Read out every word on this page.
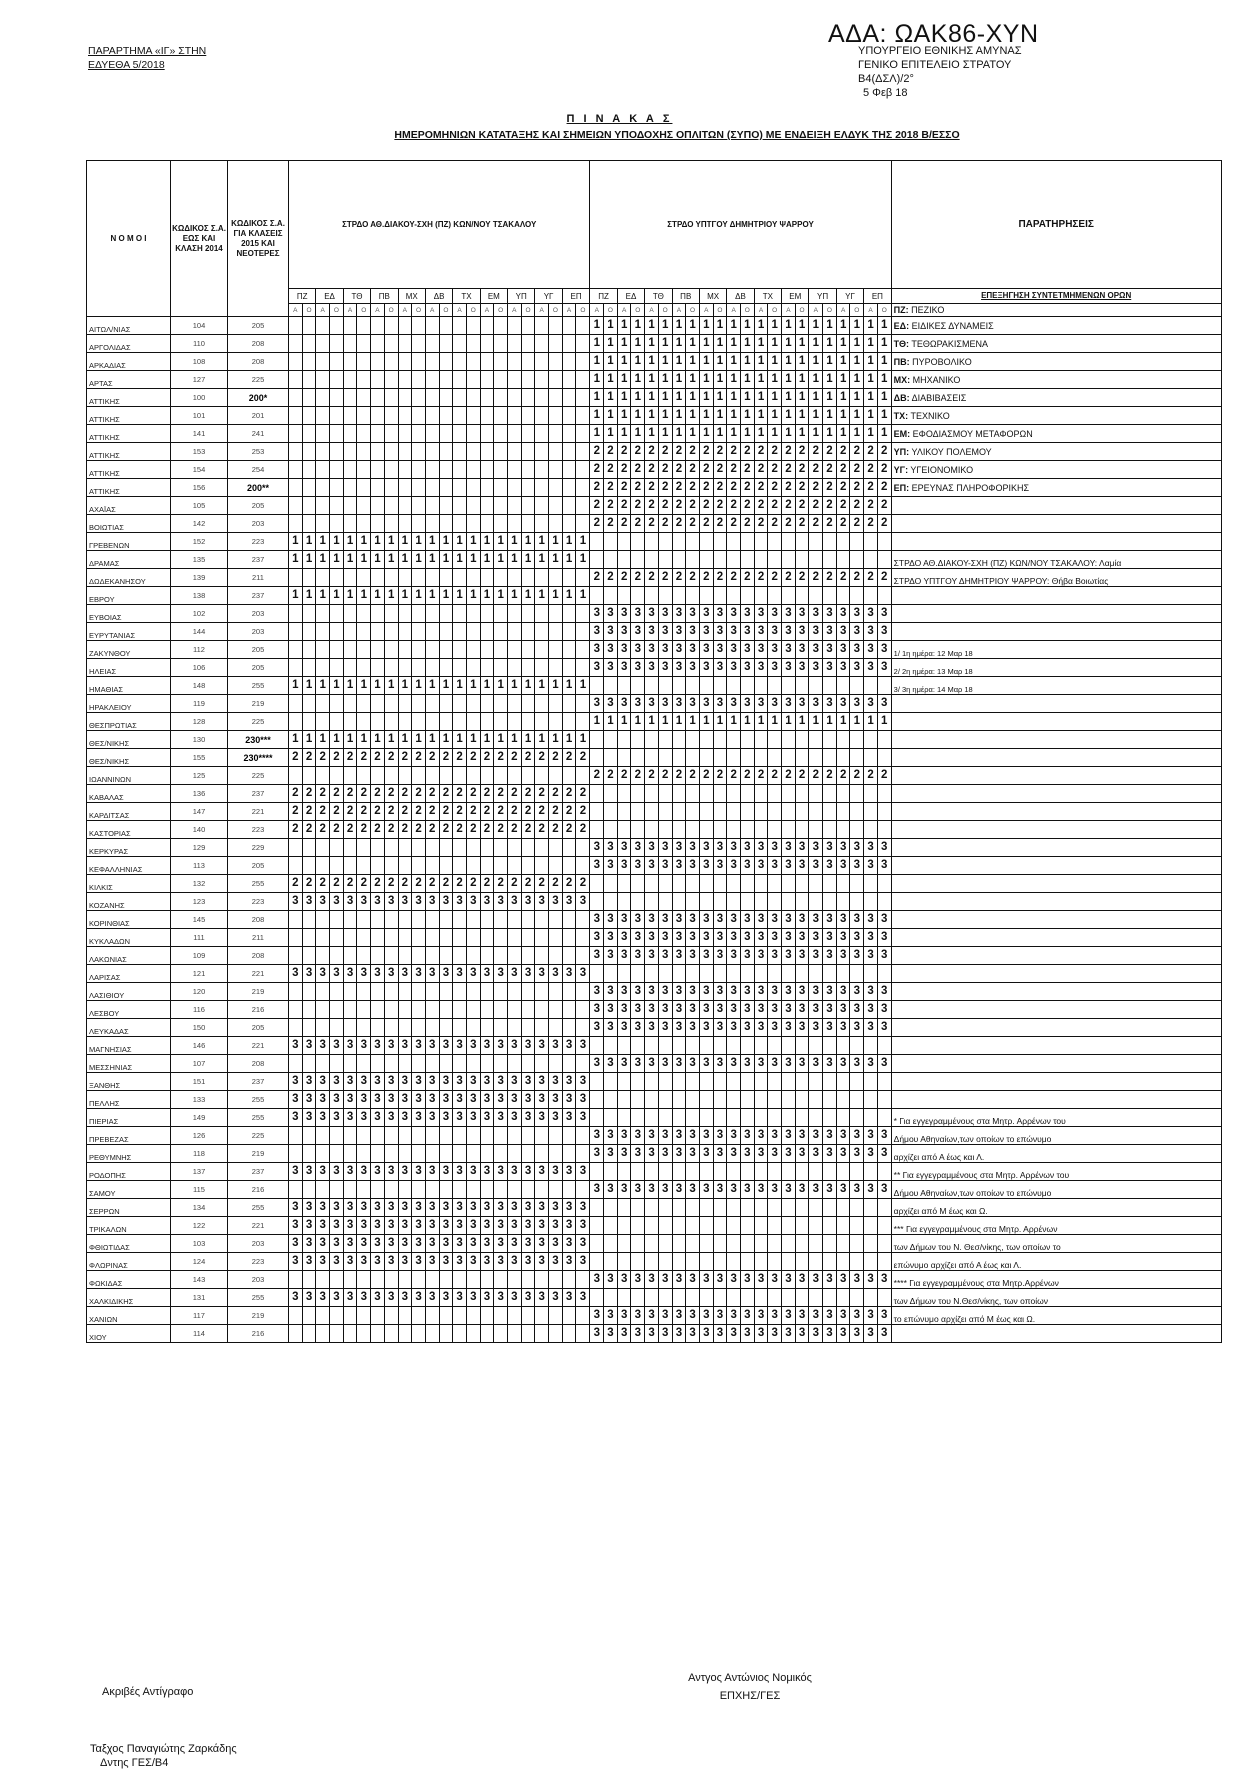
ΠΑΡΑΡΤΗΜΑ «ΙΓ» ΣΤΗΝ
ΕΔΥΕΘΑ 5/2018
ΑΔΑ: ΩΑΚ86-ΧΥΝ
ΥΠΟΥΡΓΕΙΟ ΕΘΝΙΚΗΣ ΑΜΥΝΑΣ
ΓΕΝΙΚΟ ΕΠΙΤΕΛΕΙΟ ΣΤΡΑΤΟΥ
Β4(ΔΣΛ)/2°
5 Φεβ 18
Π Ι Ν Α Κ Α Σ
ΗΜΕΡΟΜΗΝΙΩΝ ΚΑΤΑΤΑΞΗΣ ΚΑΙ ΣΗΜΕΙΩΝ ΥΠΟΔΟΧΗΣ ΟΠΛΙΤΩΝ (ΣΥΠΟ) ΜΕ ΕΝΔΕΙΞΗ ΕΛΔΥΚ ΤΗΣ 2018 Β/ΕΣΣΟ
Ν Ο Μ Ο Ι	ΚΩΔΙΚΟΣ Σ.Α. ΕΩΣ ΚΑΙ ΚΛΑΣΗ 2014	ΚΩΔΙΚΟΣ Σ.Α. ΓΙΑ ΚΛΑΣΕΙΣ 2015 ΚΑΙ ΝΕΟΤΕΡΕΣ	ΣΤΡΔΟ ΑΘ.ΔΙΑΚΟΥ-ΣΧΗ (ΠΖ) ΚΩΝ/ΝΟΥ ΤΣΑΚΑΛΟΥ																						ΣΤΡΔΟ ΥΠΤΓΟΥ ΔΗΜΗΤΡΙΟΥ ΨΑΡΡΟΥ																						ΠΑΡΑΤΗΡΗΣΕΙΣ
			ΠΖ		ΕΔ		ΤΘ		ΠΒ		ΜΧ		ΔΒ		ΤΧ		ΕΜ		ΥΠ		ΥΓ		ΕΠ		ΠΖ		ΕΔ		ΤΘ		ΠΒ		ΜΧ		ΔΒ		ΤΧ		ΕΜ		ΥΠ		ΥΓ		ΕΠ		ΕΠΕΞΗΓΗΣΗ ΣΥΝΤΕΤΜΗΜΕΝΩΝ ΟΡΩΝ
			Α	Ο	Α	Ο	Α	Ο	Α	Ο	Α	Ο	Α	Ο	Α	Ο	Α	Ο	Α	Ο	Α	Ο	Α	Ο	Α	Ο	Α	Ο	Α	Ο	Α	Ο	Α	Ο	Α	Ο	Α	Ο	Α	Ο	Α	Ο	Α	Ο	Α	Ο	ΠΖ: ΠΕΖΙΚΟ
ΑΙΤΩΛ/ΝΙΑΣ	104	205																							1	1	1	1	1	1	1	1	1	1	1	1	1	1	1	1	1	1	1	1	1	1	ΕΔ: ΕΙΔΙΚΕΣ ΔΥΝΑΜΕΙΣ
ΑΡΓΟΛΙΔΑΣ	110	208																							1	1	1	1	1	1	1	1	1	1	1	1	1	1	1	1	1	1	1	1	1	1	ΤΘ: ΤΕΘΩΡΑΚΙΣΜΕΝΑ
ΑΡΚΑΔΙΑΣ	108	208																							1	1	1	1	1	1	1	1	1	1	1	1	1	1	1	1	1	1	1	1	1	1	ΠΒ: ΠΥΡΟΒΟΛΙΚΟ
ΑΡΤΑΣ	127	225																							1	1	1	1	1	1	1	1	1	1	1	1	1	1	1	1	1	1	1	1	1	1	ΜΧ: ΜΗΧΑΝΙΚΟ
ΑΤΤΙΚΗΣ	100	200*																							1	1	1	1	1	1	1	1	1	1	1	1	1	1	1	1	1	1	1	1	1	1	ΔΒ: ΔΙΑΒΙΒΑΣΕΙΣ
ΑΤΤΙΚΗΣ	101	201																							1	1	1	1	1	1	1	1	1	1	1	1	1	1	1	1	1	1	1	1	1	1	ΤΧ: ΤΕΧΝΙΚΟ
ΑΤΤΙΚΗΣ	141	241																							1	1	1	1	1	1	1	1	1	1	1	1	1	1	1	1	1	1	1	1	1	1	ΕΜ: ΕΦΟΔΙΑΣΜΟΥ ΜΕΤΑΦΟΡΩΝ
ΑΤΤΙΚΗΣ	153	253																							2	2	2	2	2	2	2	2	2	2	2	2	2	2	2	2	2	2	2	2	2	2	ΥΠ: ΥΛΙΚΟΥ ΠΟΛΕΜΟΥ
ΑΤΤΙΚΗΣ	154	254																							2	2	2	2	2	2	2	2	2	2	2	2	2	2	2	2	2	2	2	2	2	2	ΥΓ: ΥΓΕΙΟΝΟΜΙΚΟ
ΑΤΤΙΚΗΣ	156	200**																							2	2	2	2	2	2	2	2	2	2	2	2	2	2	2	2	2	2	2	2	2	2	ΕΠ: ΕΡΕΥΝΑΣ ΠΛΗΡΟΦΟΡΙΚΗΣ
ΑΧΑΪΑΣ	105	205																							2	2	2	2	2	2	2	2	2	2	2	2	2	2	2	2	2	2	2	2	2	2	
ΒΟΙΩΤΙΑΣ	142	203																							2	2	2	2	2	2	2	2	2	2	2	2	2	2	2	2	2	2	2	2	2	2	
ΓΡΕΒΕΝΩΝ	152	223	1	1	1	1	1	1	1	1	1	1	1	1	1	1	1	1	1	1	1	1	1	1																							
ΔΡΑΜΑΣ	135	237	1	1	1	1	1	1	1	1	1	1	1	1	1	1	1	1	1	1	1	1	1	1																							ΣΤΡΔΟ ΑΘ.ΔΙΑΚΟΥ-ΣΧΗ (ΠΖ) ΚΩΝ/ΝΟΥ ΤΣΑΚΑΛΟΥ: Λαμία
ΔΩΔΕΚΑΝΗΣΟΥ	139	211																							2	2	2	2	2	2	2	2	2	2	2	2	2	2	2	2	2	2	2	2	2	2	ΣΤΡΔΟ ΥΠΤΓΟΥ ΔΗΜΗΤΡΙΟΥ ΨΑΡΡΟΥ: Θήβα Βοιωτίας
ΕΒΡΟΥ	138	237	1	1	1	1	1	1	1	1	1	1	1	1	1	1	1	1	1	1	1	1	1	1																							
ΕΥΒΟΙΑΣ	102	203																							3	3	3	3	3	3	3	3	3	3	3	3	3	3	3	3	3	3	3	3	3	3	
ΕΥΡΥΤΑΝΙΑΣ	144	203																							3	3	3	3	3	3	3	3	3	3	3	3	3	3	3	3	3	3	3	3	3	3	
ΖΑΚΥΝΘΟΥ	112	205																							3	3	3	3	3	3	3	3	3	3	3	3	3	3	3	3	3	3	3	3	3	3	1/ 1η ημέρα: 12 Μαρ 18
ΗΛΕΙΑΣ	106	205																							3	3	3	3	3	3	3	3	3	3	3	3	3	3	3	3	3	3	3	3	3	3	2/ 2η ημέρα: 13 Μαρ 18
ΗΜΑΘΙΑΣ	148	255	1	1	1	1	1	1	1	1	1	1	1	1	1	1	1	1	1	1	1	1	1	1																							3/ 3η ημέρα: 14 Μαρ 18
ΗΡΑΚΛΕΙΟΥ	119	219																							3	3	3	3	3	3	3	3	3	3	3	3	3	3	3	3	3	3	3	3	3	3	
ΘΕΣΠΡΩΤΙΑΣ	128	225																							1	1	1	1	1	1	1	1	1	1	1	1	1	1	1	1	1	1	1	1	1	1	
ΘΕΣ/ΝΙΚΗΣ	130	230***	1	1	1	1	1	1	1	1	1	1	1	1	1	1	1	1	1	1	1	1	1	1																							
ΘΕΣ/ΝΙΚΗΣ	155	230****	2	2	2	2	2	2	2	2	2	2	2	2	2	2	2	2	2	2	2	2	2	2																							
ΙΩΑΝΝΙΝΩΝ	125	225																							2	2	2	2	2	2	2	2	2	2	2	2	2	2	2	2	2	2	2	2	2	2	
ΚΑΒΑΛΑΣ	136	237	2	2	2	2	2	2	2	2	2	2	2	2	2	2	2	2	2	2	2	2	2	2																							
ΚΑΡΔΙΤΣΑΣ	147	221	2	2	2	2	2	2	2	2	2	2	2	2	2	2	2	2	2	2	2	2	2	2																							
ΚΑΣΤΟΡΙΑΣ	140	223	2	2	2	2	2	2	2	2	2	2	2	2	2	2	2	2	2	2	2	2	2	2																							
ΚΕΡΚΥΡΑΣ	129	229																							3	3	3	3	3	3	3	3	3	3	3	3	3	3	3	3	3	3	3	3	3	3	
ΚΕΦΑΛΛΗΝΙΑΣ	113	205																							3	3	3	3	3	3	3	3	3	3	3	3	3	3	3	3	3	3	3	3	3	3	
ΚΙΛΚΙΣ	132	255	2	2	2	2	2	2	2	2	2	2	2	2	2	2	2	2	2	2	2	2	2	2																							
ΚΟΖΑΝΗΣ	123	223	3	3	3	3	3	3	3	3	3	3	3	3	3	3	3	3	3	3	3	3	3	3																							
ΚΟΡΙΝΘΙΑΣ	145	208																							3	3	3	3	3	3	3	3	3	3	3	3	3	3	3	3	3	3	3	3	3	3	
ΚΥΚΛΑΔΩΝ	111	211																							3	3	3	3	3	3	3	3	3	3	3	3	3	3	3	3	3	3	3	3	3	3	
ΛΑΚΩΝΙΑΣ	109	208																							3	3	3	3	3	3	3	3	3	3	3	3	3	3	3	3	3	3	3	3	3	3	
ΛΑΡΙΣΑΣ	121	221	3	3	3	3	3	3	3	3	3	3	3	3	3	3	3	3	3	3	3	3	3	3																							
ΛΑΣΙΘΙΟΥ	120	219																							3	3	3	3	3	3	3	3	3	3	3	3	3	3	3	3	3	3	3	3	3	3	
ΛΕΣΒΟΥ	116	216																							3	3	3	3	3	3	3	3	3	3	3	3	3	3	3	3	3	3	3	3	3	3	
ΛΕΥΚΑΔΑΣ	150	205																							3	3	3	3	3	3	3	3	3	3	3	3	3	3	3	3	3	3	3	3	3	3	
ΜΑΓΝΗΣΙΑΣ	146	221	3	3	3	3	3	3	3	3	3	3	3	3	3	3	3	3	3	3	3	3	3	3																							
ΜΕΣΣΗΝΙΑΣ	107	208																							3	3	3	3	3	3	3	3	3	3	3	3	3	3	3	3	3	3	3	3	3	3	
ΞΑΝΘΗΣ	151	237	3	3	3	3	3	3	3	3	3	3	3	3	3	3	3	3	3	3	3	3	3	3																							
ΠΕΛΛΗΣ	133	255	3	3	3	3	3	3	3	3	3	3	3	3	3	3	3	3	3	3	3	3	3	3																							
ΠΙΕΡΙΑΣ	149	255	3	3	3	3	3	3	3	3	3	3	3	3	3	3	3	3	3	3	3	3	3	3																							* Για εγγεγραμμένους στα Μητρ. Αρρένων του
ΠΡΕΒΕΖΑΣ	126	225																							3	3	3	3	3	3	3	3	3	3	3	3	3	3	3	3	3	3	3	3	3	3	Δήμου Αθηναίων,των οποίων το επώνυμο
ΡΕΘΥΜΝΗΣ	118	219																							3	3	3	3	3	3	3	3	3	3	3	3	3	3	3	3	3	3	3	3	3	3	αρχίζει από Α έως και Λ.
ΡΟΔΟΠΗΣ	137	237	3	3	3	3	3	3	3	3	3	3	3	3	3	3	3	3	3	3	3	3	3	3																							** Για εγγεγραμμένους στα Μητρ. Αρρένων του
ΣΑΜΟΥ	115	216																							3	3	3	3	3	3	3	3	3	3	3	3	3	3	3	3	3	3	3	3	3	3	Δήμου Αθηναίων,των οποίων το επώνυμο
ΣΕΡΡΩΝ	134	255	3	3	3	3	3	3	3	3	3	3	3	3	3	3	3	3	3	3	3	3	3	3																							αρχίζει από Μ έως και Ω.
ΤΡΙΚΑΛΩΝ	122	221	3	3	3	3	3	3	3	3	3	3	3	3	3	3	3	3	3	3	3	3	3	3																							*** Για εγγεγραμμένους στα Μητρ. Αρρένων
ΦΘΙΩΤΙΔΑΣ	103	203	3	3	3	3	3	3	3	3	3	3	3	3	3	3	3	3	3	3	3	3	3	3																							των Δήμων του Ν. Θεσ/νίκης, των οποίων το
ΦΛΩΡΙΝΑΣ	124	223	3	3	3	3	3	3	3	3	3	3	3	3	3	3	3	3	3	3	3	3	3	3																							επώνυμο αρχίζει από Α έως και Λ.
ΦΩΚΙΔΑΣ	143	203																							3	3	3	3	3	3	3	3	3	3	3	3	3	3	3	3	3	3	3	3	3	3	**** Για εγγεγραμμένους στα Μητρ.Αρρένων
ΧΑΛΚΙΔΙΚΗΣ	131	255	3	3	3	3	3	3	3	3	3	3	3	3	3	3	3	3	3	3	3	3	3	3																							των Δήμων του Ν.Θεσ/νίκης, των οποίων
ΧΑΝΙΩΝ	117	219																							3	3	3	3	3	3	3	3	3	3	3	3	3	3	3	3	3	3	3	3	3	3	το επώνυμο αρχίζει από Μ έως και Ω.
ΧΙΟΥ	114	216																							3	3	3	3	3	3	3	3	3	3	3	3	3	3	3	3	3	3	3	3	3	3	
Αντγος Αντώνιος Νομικός
ΕΠΧΗΣ/ΓΕΣ
Ακριβές Αντίγραφο
Ταξχος Παναγιώτης Ζαρκάδης
Δντης ΓΕΣ/Β4
